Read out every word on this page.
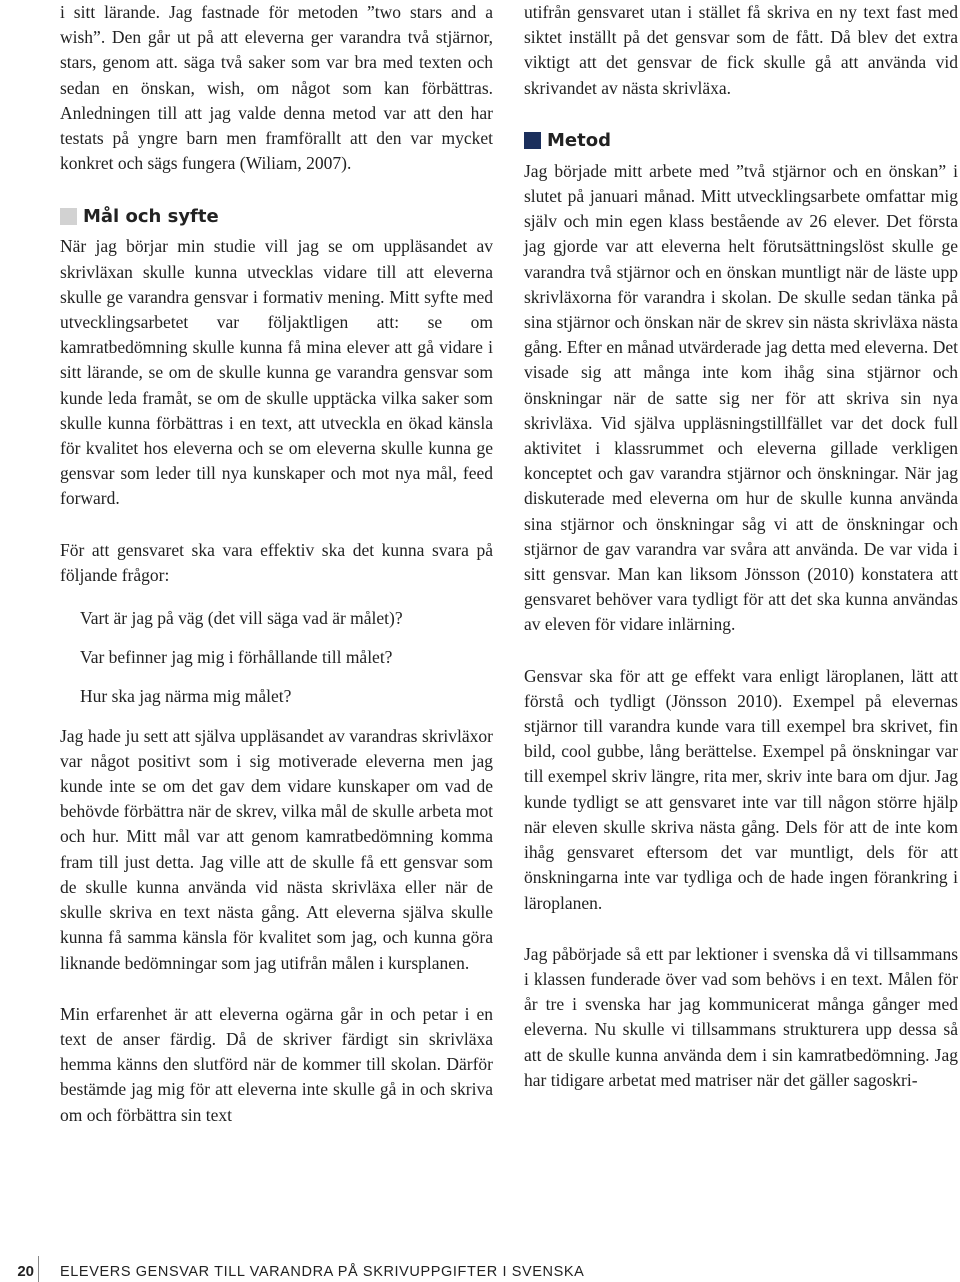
i sitt lärande. Jag fastnade för metoden ”two stars and a wish”. Den går ut på att eleverna ger varandra två stjärnor, stars, genom att. säga två saker som var bra med texten och sedan en önskan, wish, om något som kan förbättras. Anledningen till att jag valde denna metod var att den har testats på yngre barn men framförallt att den var mycket konkret och sägs fungera (Wiliam, 2007).

Mål och syfte

När jag börjar min studie vill jag se om uppläsandet av skrivläxan skulle kunna utvecklas vidare till att eleverna skulle ge varandra gensvar i formativ mening. Mitt syfte med utvecklingsarbetet var följaktligen att: se om kamratbedömning skulle kunna få mina elever att gå vidare i sitt lärande, se om de skulle kunna ge varandra gensvar som kunde leda framåt, se om de skulle upptäcka vilka saker som skulle kunna förbättras i en text, att utveckla en ökad känsla för kvalitet hos eleverna och se om eleverna skulle kunna ge gensvar som leder till nya kunskaper och mot nya mål, feed forward.

För att gensvaret ska vara effektiv ska det kunna svara på följande frågor:

Vart är jag på väg (det vill säga vad är målet)?
Var befinner jag mig i förhållande till målet?
Hur ska jag närma mig målet?

Jag hade ju sett att själva uppläsandet av varandras skrivläxor var något positivt som i sig motiverade eleverna men jag kunde inte se om det gav dem vidare kunskaper om vad de behövde förbättra när de skrev, vilka mål de skulle arbeta mot och hur. Mitt mål var att genom kamratbedömning komma fram till just detta. Jag ville att de skulle få ett gensvar som de skulle kunna använda vid nästa skrivläxa eller när de skulle skriva en text nästa gång. Att eleverna själva skulle kunna få samma känsla för kvalitet som jag, och kunna göra liknande bedömningar som jag utifrån målen i kursplanen.

Min erfarenhet är att eleverna ogärna går in och petar i en text de anser färdig. Då de skriver färdigt sin skrivläxa hemma känns den slutförd när de kommer till skolan. Därför bestämde jag mig för att eleverna inte skulle gå in och skriva om och förbättra sin text

utifrån gensvaret utan i stället få skriva en ny text fast med siktet inställt på det gensvar som de fått. Då blev det extra viktigt att det gensvar de fick skulle gå att använda vid skrivandet av nästa skrivläxa.

Metod

Jag började mitt arbete med ”två stjärnor och en önskan” i slutet på januari månad. Mitt utvecklingsarbete omfattar mig själv och min egen klass bestående av 26 elever. Det första jag gjorde var att eleverna helt förutsättningslöst skulle ge varandra två stjärnor och en önskan muntligt när de läste upp skrivläxorna för varandra i skolan. De skulle sedan tänka på sina stjärnor och önskan när de skrev sin nästa skrivläxa nästa gång. Efter en månad utvärderade jag detta med eleverna. Det visade sig att många inte kom ihåg sina stjärnor och önskningar när de satte sig ner för att skriva sin nya skrivläxa. Vid själva uppläsningstillfället var det dock full aktivitet i klassrummet och eleverna gillade verkligen konceptet och gav varandra stjärnor och önskningar. När jag diskuterade med eleverna om hur de skulle kunna använda sina stjärnor och önskningar såg vi att de önskningar och stjärnor de gav varandra var svåra att använda. De var vida i sitt gensvar. Man kan liksom Jönsson (2010) konstatera att gensvaret behöver vara tydligt för att det ska kunna användas av eleven för vidare inlärning.

Gensvar ska för att ge effekt vara enligt läroplanen, lätt att förstå och tydligt (Jönsson 2010). Exempel på elevernas stjärnor till varandra kunde vara till exempel bra skrivet, fin bild, cool gubbe, lång berättelse. Exempel på önskningar var till exempel skriv längre, rita mer, skriv inte bara om djur. Jag kunde tydligt se att gensvaret inte var till någon större hjälp när eleven skulle skriva nästa gång. Dels för att de inte kom ihåg gensvaret eftersom det var muntligt, dels för att önskningarna inte var tydliga och de hade ingen förankring i läroplanen.

Jag påbörjade så ett par lektioner i svenska då vi tillsammans i klassen funderade över vad som behövs i en text. Målen för år tre i svenska har jag kommunicerat många gånger med eleverna. Nu skulle vi tillsammans strukturera upp dessa så att de skulle kunna använda dem i sin kamratbedömning. Jag har tidigare arbetat med matriser när det gäller sagoskri-

20 ELEVERS GENSVAR TILL VARANDRA PÅ SKRIVUPPGIFTER I SVENSKA
